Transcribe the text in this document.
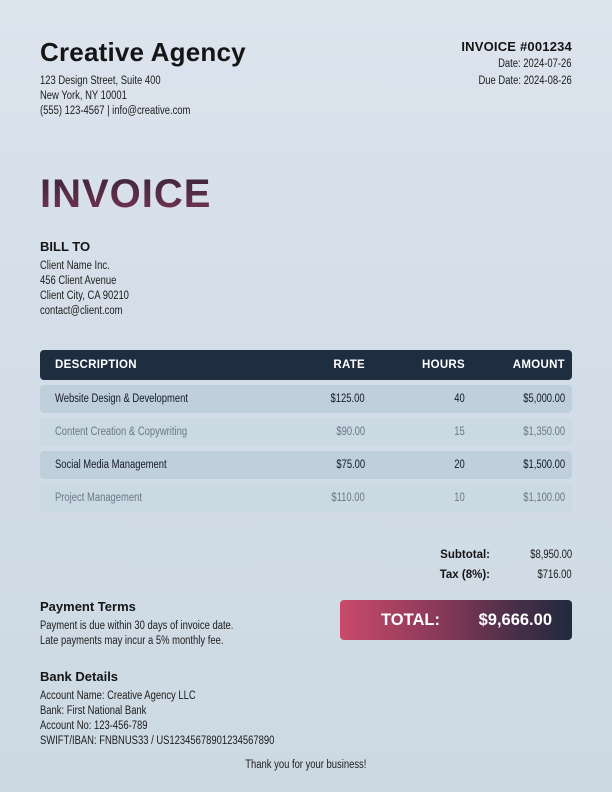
Creative Agency
123 Design Street, Suite 400
New York, NY 10001
(555) 123-4567 | info@creative.com
INVOICE #001234
Date: 2024-07-26
Due Date: 2024-08-26
INVOICE
BILL TO
Client Name Inc.
456 Client Avenue
Client City, CA 90210
contact@client.com
DESCRIPTION	RATE	HOURS	AMOUNT
Website Design & Development	$125.00	40	$5,000.00
Content Creation & Copywriting	$90.00	15	$1,350.00
Social Media Management	$75.00	20	$1,500.00
Project Management	$110.00	10	$1,100.00
Subtotal:	$8,950.00
Tax (8%):	$716.00
TOTAL: $9,666.00
Payment Terms
Payment is due within 30 days of invoice date.
Late payments may incur a 5% monthly fee.
Bank Details
Account Name: Creative Agency LLC
Bank: First National Bank
Account No: 123-456-789
SWIFT/IBAN: FNBNUS33 / US12345678901234567890
Thank you for your business!
